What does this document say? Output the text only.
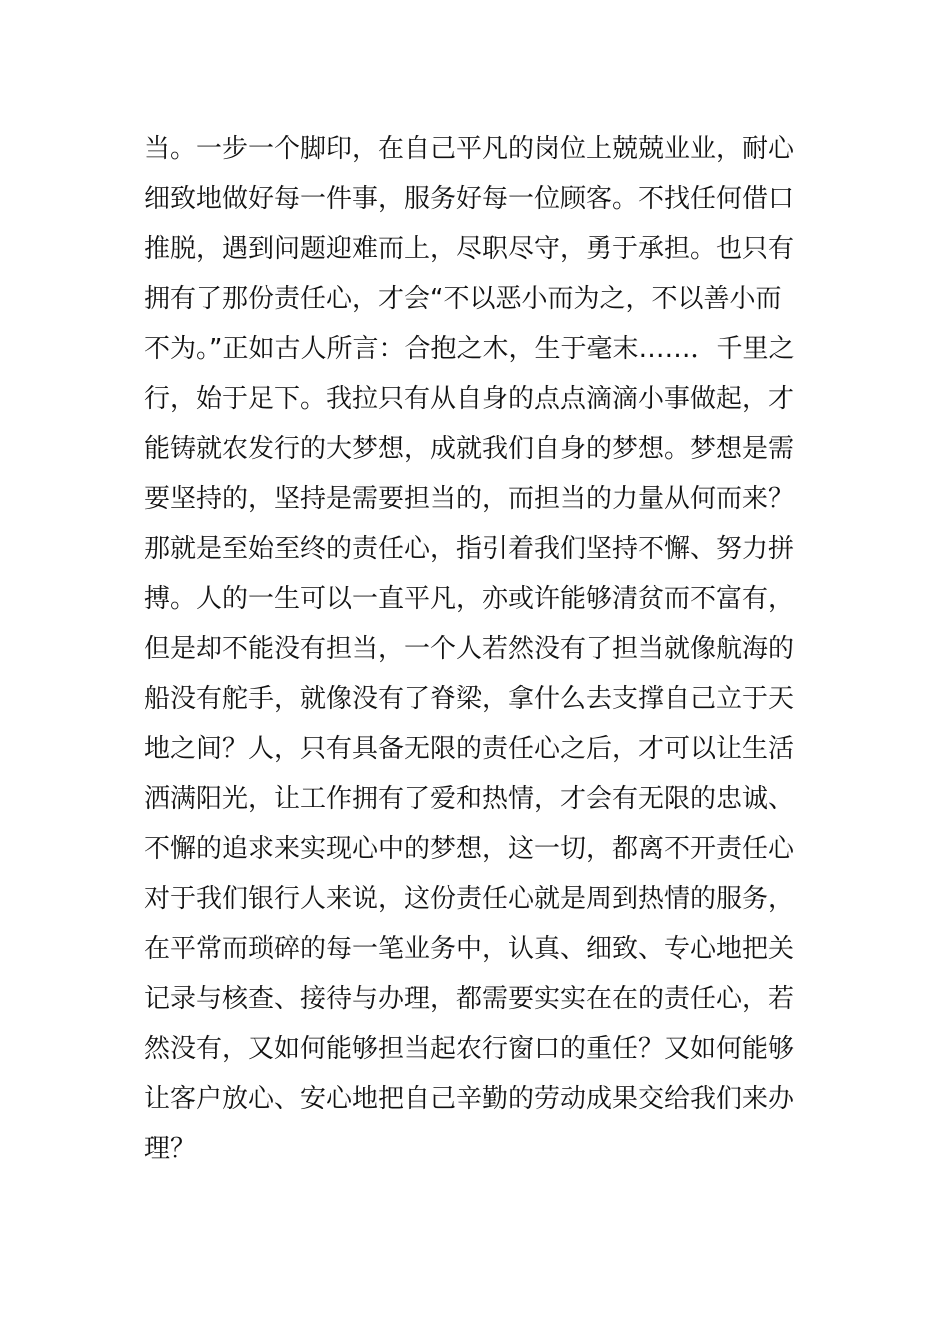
当。一步一个脚印，在自己平凡的岗位上兢兢业业，耐心
细致地做好每一件事，服务好每一位顾客。不找任何借口
推脱，遇到问题迎难而上，尽职尽守，勇于承担。也只有
拥有了那份责任心，才会“不以恶小而为之，不以善小而
不为。”正如古人所言：合抱之木，生于毫末……．千里之
行，始于足下。我拉只有从自身的点点滴滴小事做起，才
能铸就农发行的大梦想，成就我们自身的梦想。梦想是需
要坚持的，坚持是需要担当的，而担当的力量从何而来？
那就是至始至终的责任心，指引着我们坚持不懈、努力拼
搏。人的一生可以一直平凡，亦或许能够清贫而不富有，
但是却不能没有担当，一个人若然没有了担当就像航海的
船没有舵手，就像没有了脊梁，拿什么去支撑自己立于天
地之间？人，只有具备无限的责任心之后，才可以让生活
洒满阳光，让工作拥有了爱和热情，才会有无限的忠诚、
不懈的追求来实现心中的梦想，这一切，都离不开责任心
对于我们银行人来说，这份责任心就是周到热情的服务，
在平常而琐碎的每一笔业务中，认真、细致、专心地把关
记录与核查、接待与办理，都需要实实在在的责任心，若
然没有，又如何能够担当起农行窗口的重任？又如何能够
让客户放心、安心地把自己辛勤的劳动成果交给我们来办
理？
